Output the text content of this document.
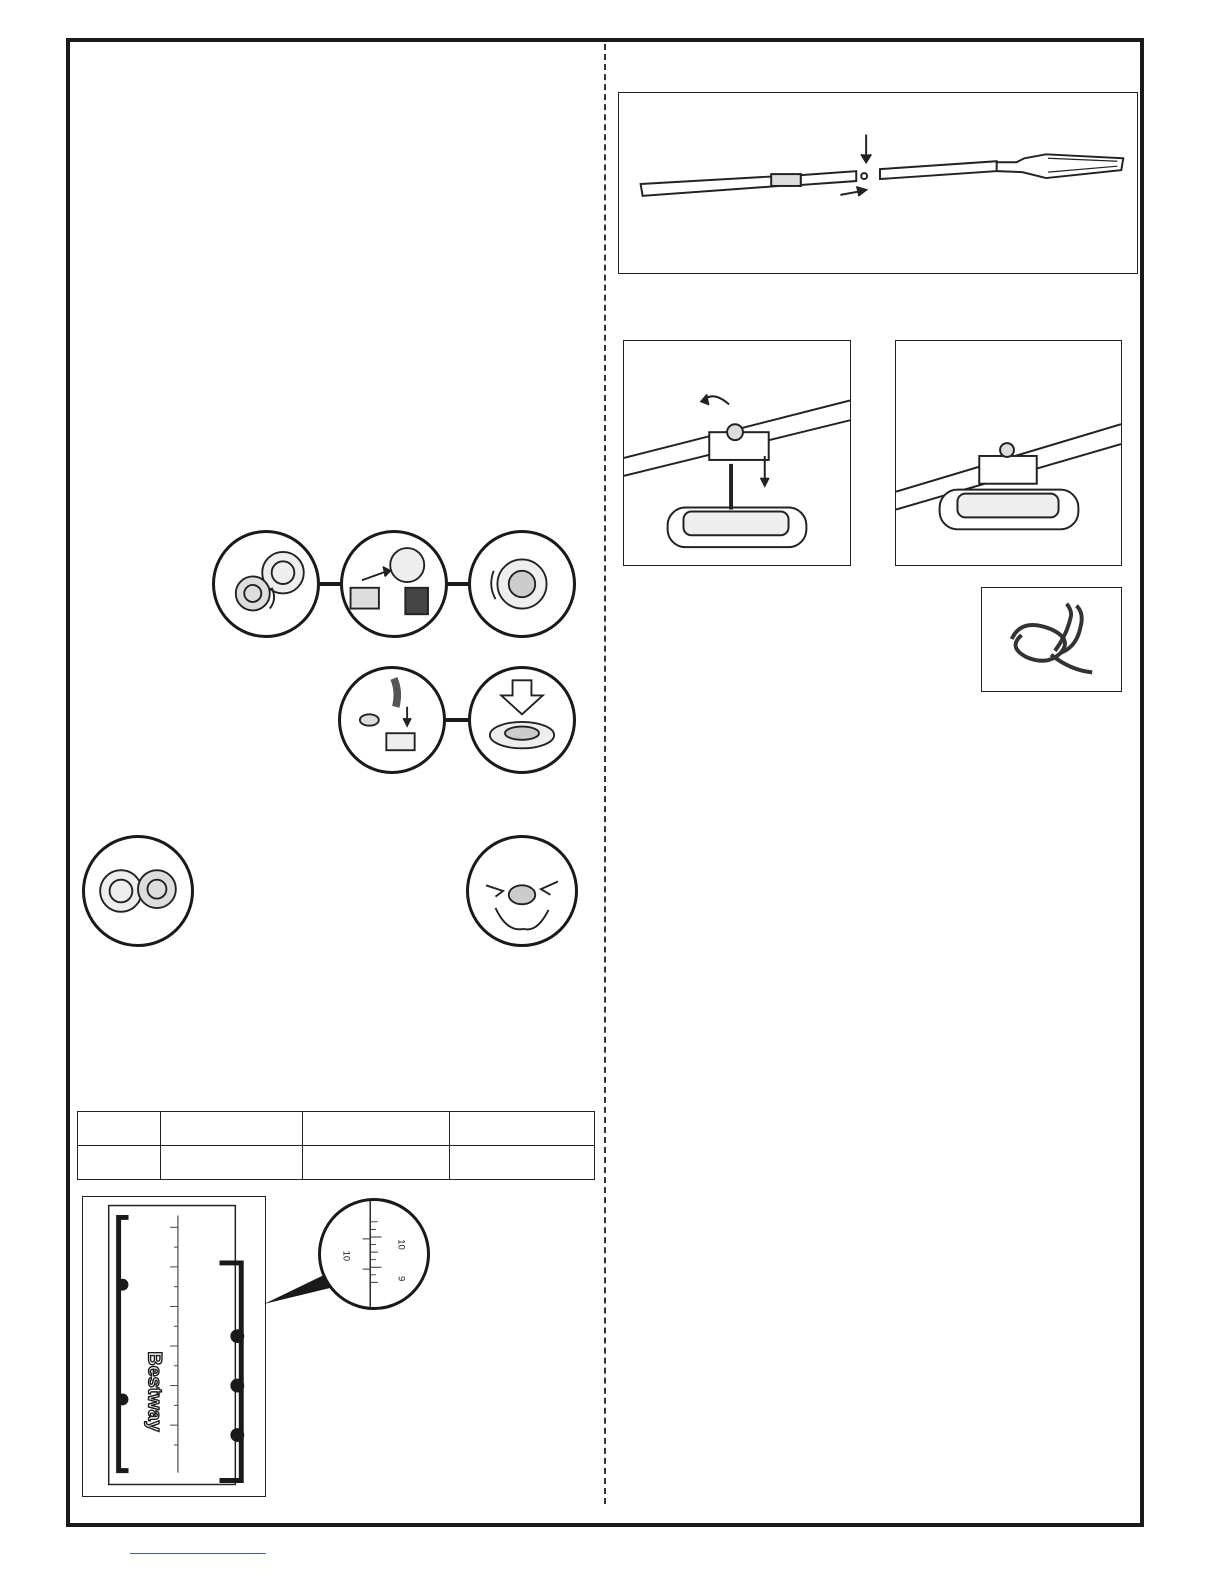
Bestway
10
10
9
